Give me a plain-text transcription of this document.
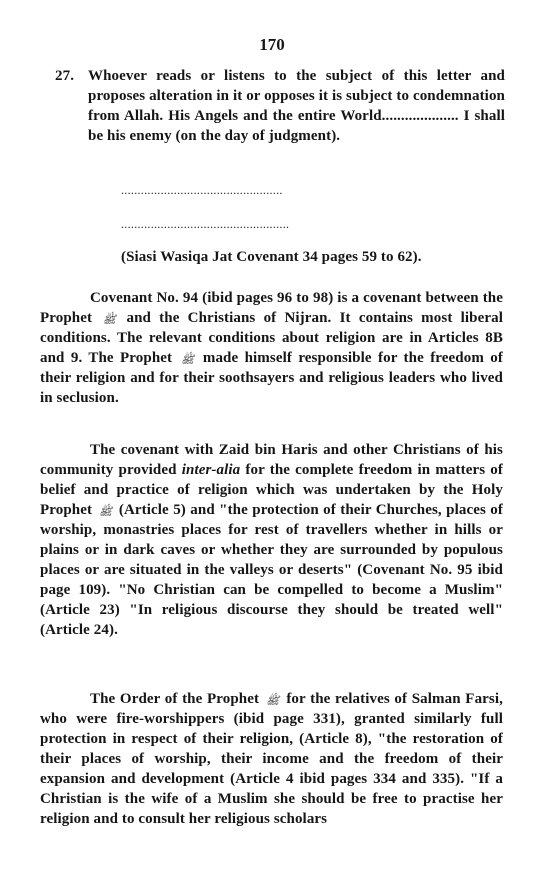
170
27. Whoever reads or listens to the subject of this letter and proposes alteration in it or opposes it is subject to condemnation from Allah. His Angels and the entire World.................... I shall be his enemy (on the day of judgment).
.................................................
...................................................
(Siasi Wasiqa Jat Covenant 34 pages 59 to 62).
Covenant No. 94 (ibid pages 96 to 98) is a covenant between the Prophet ﷺ and the Christians of Nijran. It contains most liberal conditions. The relevant conditions about religion are in Articles 8B and 9. The Prophet ﷺ made himself responsible for the freedom of their religion and for their soothsayers and religious leaders who lived in seclusion.
The covenant with Zaid bin Haris and other Christians of his community provided inter-alia for the complete freedom in matters of belief and practice of religion which was undertaken by the Holy Prophet ﷺ (Article 5) and "the protection of their Churches, places of worship, monastries places for rest of travellers whether in hills or plains or in dark caves or whether they are surrounded by populous places or are situated in the valleys or deserts" (Covenant No. 95 ibid page 109). "No Christian can be compelled to become a Muslim" (Article 23) "In religious discourse they should be treated well" (Article 24).
The Order of the Prophet ﷺ for the relatives of Salman Farsi, who were fire-worshippers (ibid page 331), granted similarly full protection in respect of their religion, (Article 8), "the restoration of their places of worship, their income and the freedom of their expansion and development (Article 4 ibid pages 334 and 335). "If a Christian is the wife of a Muslim she should be free to practise her religion and to consult her religious scholars
